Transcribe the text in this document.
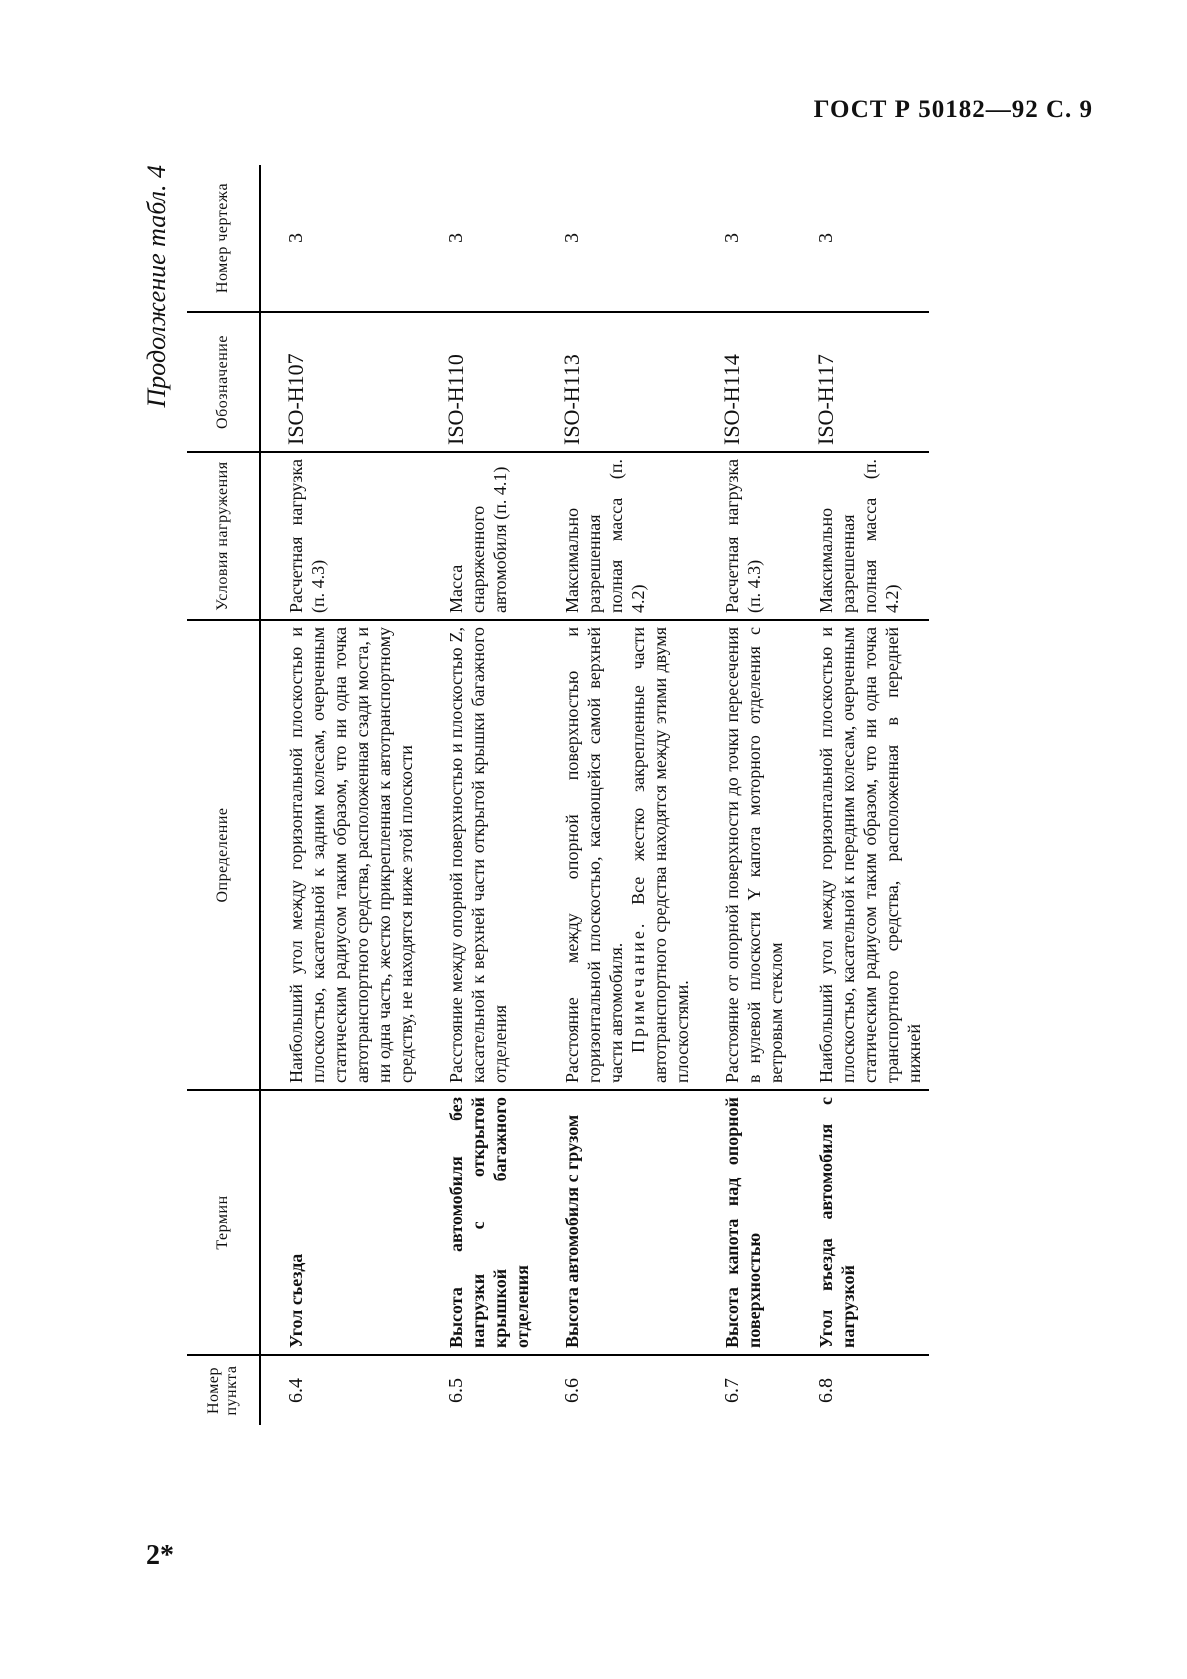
ГОСТ Р 50182—92 С. 9
2*
Продолжение табл. 4
Номер пункта	Термин	Определение	Условия нагружения	Обозначение	Номер чертежа
6.4	Угол съезда	Наибольший угол между горизонтальной плоскостью и плоскостью, касательной к задним колесам, очерченным статическим радиусом таким образом, что ни одна точка автотранспортного средства, расположенная сзади моста, и ни одна часть, жестко прикрепленная к автотранспортному средству, не находятся ниже этой плоскости	Расчетная нагрузка (п. 4.3)	ISO-H107	3
6.5	Высота автомобиля без нагрузки с открытой крышкой багажного отделения	Расстояние между опорной поверхностью и плоскостью Z, касательной к верхней части открытой крышки багажного отделения	Масса снаряженного автомобиля (п. 4.1)	ISO-H110	3
6.6	Высота автомобиля с грузом	Расстояние между опорной поверхностью и горизонтальной плоскостью, касающейся самой верхней части автомобиля. Примечание. Все жестко закрепленные части автотранспортного средства находятся между этими двумя плоскостями.	Максимально разрешенная полная масса (п. 4.2)	ISO-H113	3
6.7	Высота капота над опорной поверхностью	Расстояние от опорной поверхности до точки пересечения в нулевой плоскости Y капота моторного отделения с ветровым стеклом	Расчетная нагрузка (п. 4.3)	ISO-H114	3
6.8	Угол въезда автомобиля с нагрузкой	Наибольший угол между горизонтальной плоскостью и плоскостью, касательной к передним колесам, очерченным статическим радиусом таким образом, что ни одна точка транспортного средства, расположенная в передней нижней	Максимально разрешенная полная масса (п. 4.2)	ISO-H117	3
